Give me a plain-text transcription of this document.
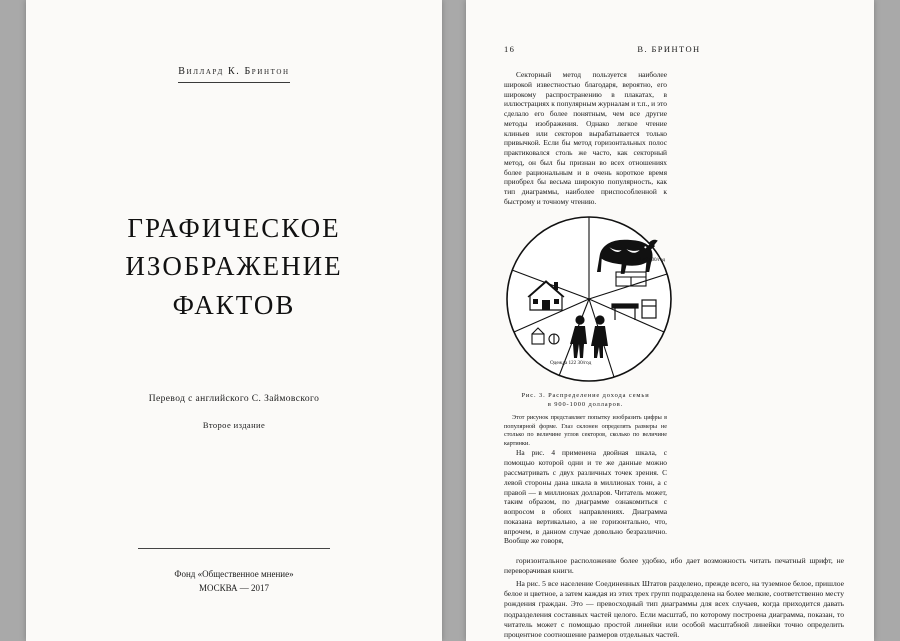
Виллард К. Бринтон
ГРАФИЧЕСКОЕ
ИЗОБРАЖЕНИЕ
ФАКТОВ
Перевод с английского С. Займовского
Второе издание
Фонд «Общественное мнение»
МОСКВА — 2017
16	В. БРИНТОН

Секторный метод пользуется наиболее широкой известностью благодаря, вероятно, его широкому распространению в плакатах, в иллюстрациях к популярным журналам и т.п., и это сделало его более понятным, чем все другие методы изображения. Однако легкое чтение клиньев или секторов вырабатывается только привычкой. Если бы метод горизонтальных полос практиковался столь же часто, как секторный метод, он был бы признан во всех отношениях более рациональным и в очень короткое время приобрел бы весьма широкую популярность, как тип диаграммы, наиболее приспособленной к быстрому и точному чтению.

$ 24 422,00/год
Одежда 122 30/год
Рис. 3. Распределение дохода семьи
в 900-1000 долларов.
Этот рисунок представляет попытку изобразить цифры в популярной форме. Глаз склонен определять размеры не столько по величине углов секторов, сколько по величине картинки.

На рис. 4 применена двойная шкала, с помощью которой одни и те же данные можно рассматривать с двух различных точек зрения. С левой стороны дана шкала в миллионах тонн, а с правой — в миллионах долларов. Читатель может, таким образом, по диаграмме ознакомиться с вопросом в обоих направлениях. Диаграмма показана вертикально, а не горизонтально, что, впрочем, в данном случае довольно безразлично. Вообще же говоря,

горизонтальное расположение более удобно, ибо дает возможность читать печатный шрифт, не переворачивая книги.

На рис. 5 все население Соединенных Штатов разделено, прежде всего, на туземное белое, пришлое белое и цветное, а затем каждая из этих трех групп подразделена на более мелкие, соответственно месту рождения граждан. Это — превосходный тип диаграммы для всех случаев, когда приходится давать подразделения составных частей целого. Если масштаб, по которому построена диаграмма, показан, то читатель может с помощью простой линейки или особой масштабной линейки точно определить процентное соотношение размеров отдельных частей.
